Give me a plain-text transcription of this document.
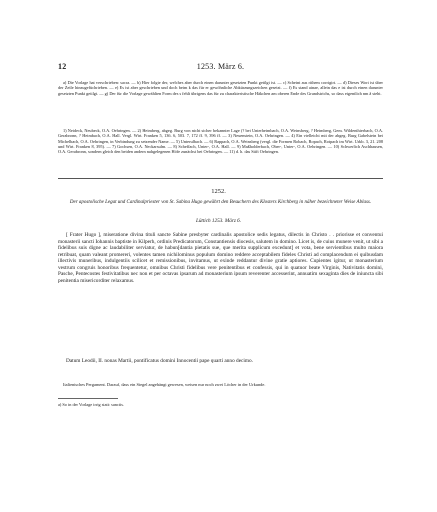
12	1253. März 6.

a) Die Vorlage hat verschrieben: sacra. — b) Hier folgte der, welches aber durch einen darunter gesetzten Punkt getilgt ist. — c) Scheint aus rithem corrigirt. — d) Dieses Wort ist über der Zeile hinzugefüchrieben. — e) Es ist aber geschrieben und doch beim k das für er gewöhnliche Abkürzungszeichen gesetzt. — f) Es stand ainae, allein das e ist durch einen darunter gesetzten Punkt getilgt. — g) Der für die Vorlage gewählten Form des s fehlt übrigens das für zu charakteristische Häkchen am oberen Ende des Grundstrichs, so dass eigentlich nm â steht.

1) Neideck, Neubeck, O.A. Oehringen. — 2) Heimberg, abgeg. Burg von nicht sicher bekannter Lage (? bei Unterheimbach, O.A. Weinsberg, ? Heimberg, Gem. Wildenthierbach, O.A. Gerabronn, ? Heimbach, O.A. Hall. Vergl. Wirt. Franken 5, 136. 6, 503. 7, 172 ff. 9, 396 ff. — 3) Neuenstein, O.A. Oehringen. — 4) Ein vielleicht mit der abgeg. Burg Gabelstein bei Michelbach, O.A. Oehringen, in Verbindung zu setzender Name. — 5) Unterulbach. — 6) Rappach, O.A. Weinsberg (vergl. die Formen Robach, Ropach, Rotpach im Wirt. Urkb. 3, 21. 208 und Wirt. Franken 8, 395). — 7) Gochsen, O.A. Neckarsulm. — 8) Scheffach, Unter-, O.A. Hall. — 9) Maßholderbach, Ober-, Unter-, O.A. Oehringen. — 10) Schwerlich Aschhausen, O.A. Gerabronn, sondern gleich den beiden andern nahgelegenen Höfe zunächst bei Oehringen. — 11) d. h. das Stift Oehringen.

1252.
Der apostolische Legat und Cardinalpriester von St. Sabina Hugo gewährt den Besuchern des Klosters Kirchberg in näher bezeichneter Weise Ablass.
Lüttich 1253. März 6.

[ Frater Hugo ], miseratione divina tituli sancte Sabine presbyter cardinalis apostolice sedis legatus, dilectis in Christo . . priorisse et conventui monasterii sancti Iohannis baptiste in Kilperh, ordinis Predicatorum, Constantiensis diocesis, salutem in domino. Licet is, de cuius munere venit, ut sibi a fidelibus suis digne ac laudabiliter serviatur, de habun[dantia pietatis sue, que merita supplicum excedunt] et vota, bene servientibus multo maiora retribuat, quam valeant promereri, volentes tamen nichilominus populum domino reddere acceptabilem fideles Christi ad complacendum ei quibusdam illectivis muneribus, indulgentiis scilicet et remissionibus, invitamus, ut exinde reddantur divine gratie aptiores. Cupientes igitur, ut monasterium vestrum congruis honoribus frequentetur, omnibus Christi fidelibus vere penitentibus et confessis, qui in quatuor beate Virginis, Nativitatis domini, Pasche, Pentecostes festivitatibus nec non et per octavas ipsarum ad monasterium ipsum reverenter accesserint, annuatim sexaginta dies de iniuncta sibi penitentia misericorditer relaxamus.

Datum Leodii, II. nonas Martii, pontificatus domini Innocentii pape quarti anno decimo.

Italienisches Pergament. Darauf, dass ein Siegel angehängt gewesen, weisen nur noch zwei Löcher in der Urkunde.

a) So in der Vorlage irrig statt: sanctis.
